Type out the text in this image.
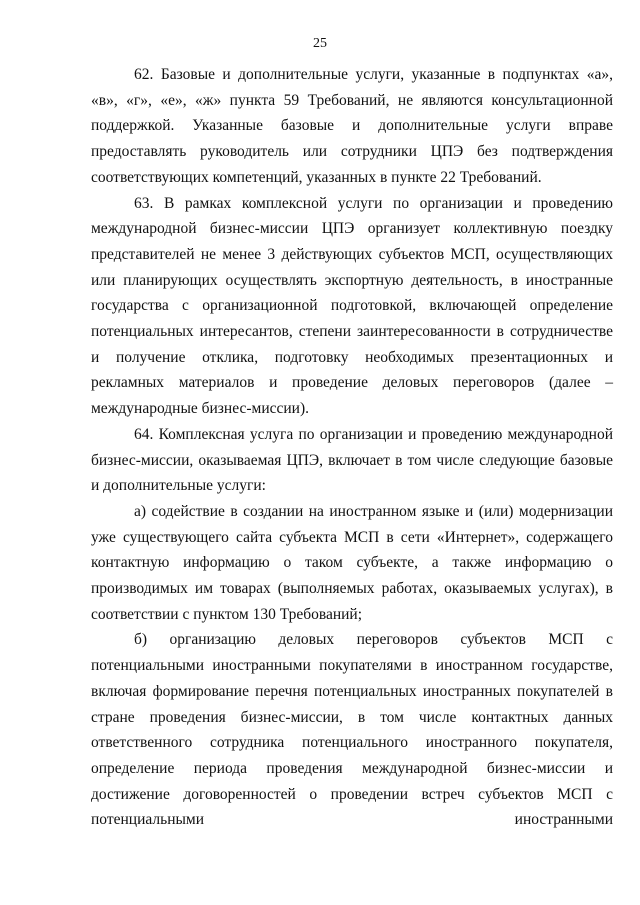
25

62. Базовые и дополнительные услуги, указанные в подпунктах «а», «в», «г», «е», «ж» пункта 59 Требований, не являются консультационной поддержкой. Указанные базовые и дополнительные услуги вправе предоставлять руководитель или сотрудники ЦПЭ без подтверждения соответствующих компетенций, указанных в пункте 22 Требований.

63. В рамках комплексной услуги по организации и проведению международной бизнес-миссии ЦПЭ организует коллективную поездку представителей не менее 3 действующих субъектов МСП, осуществляющих или планирующих осуществлять экспортную деятельность, в иностранные государства с организационной подготовкой, включающей определение потенциальных интересантов, степени заинтересованности в сотрудничестве и получение отклика, подготовку необходимых презентационных и рекламных материалов и проведение деловых переговоров (далее – международные бизнес-миссии).

64. Комплексная услуга по организации и проведению международной бизнес-миссии, оказываемая ЦПЭ, включает в том числе следующие базовые и дополнительные услуги:

а) содействие в создании на иностранном языке и (или) модернизации уже существующего сайта субъекта МСП в сети «Интернет», содержащего контактную информацию о таком субъекте, а также информацию о производимых им товарах (выполняемых работах, оказываемых услугах), в соответствии с пунктом 130 Требований;

б) организацию деловых переговоров субъектов МСП с потенциальными иностранными покупателями в иностранном государстве, включая формирование перечня потенциальных иностранных покупателей в стране проведения бизнес-миссии, в том числе контактных данных ответственного сотрудника потенциального иностранного покупателя, определение периода проведения международной бизнес-миссии и достижение договоренностей о проведении встреч субъектов МСП с потенциальными иностранными
